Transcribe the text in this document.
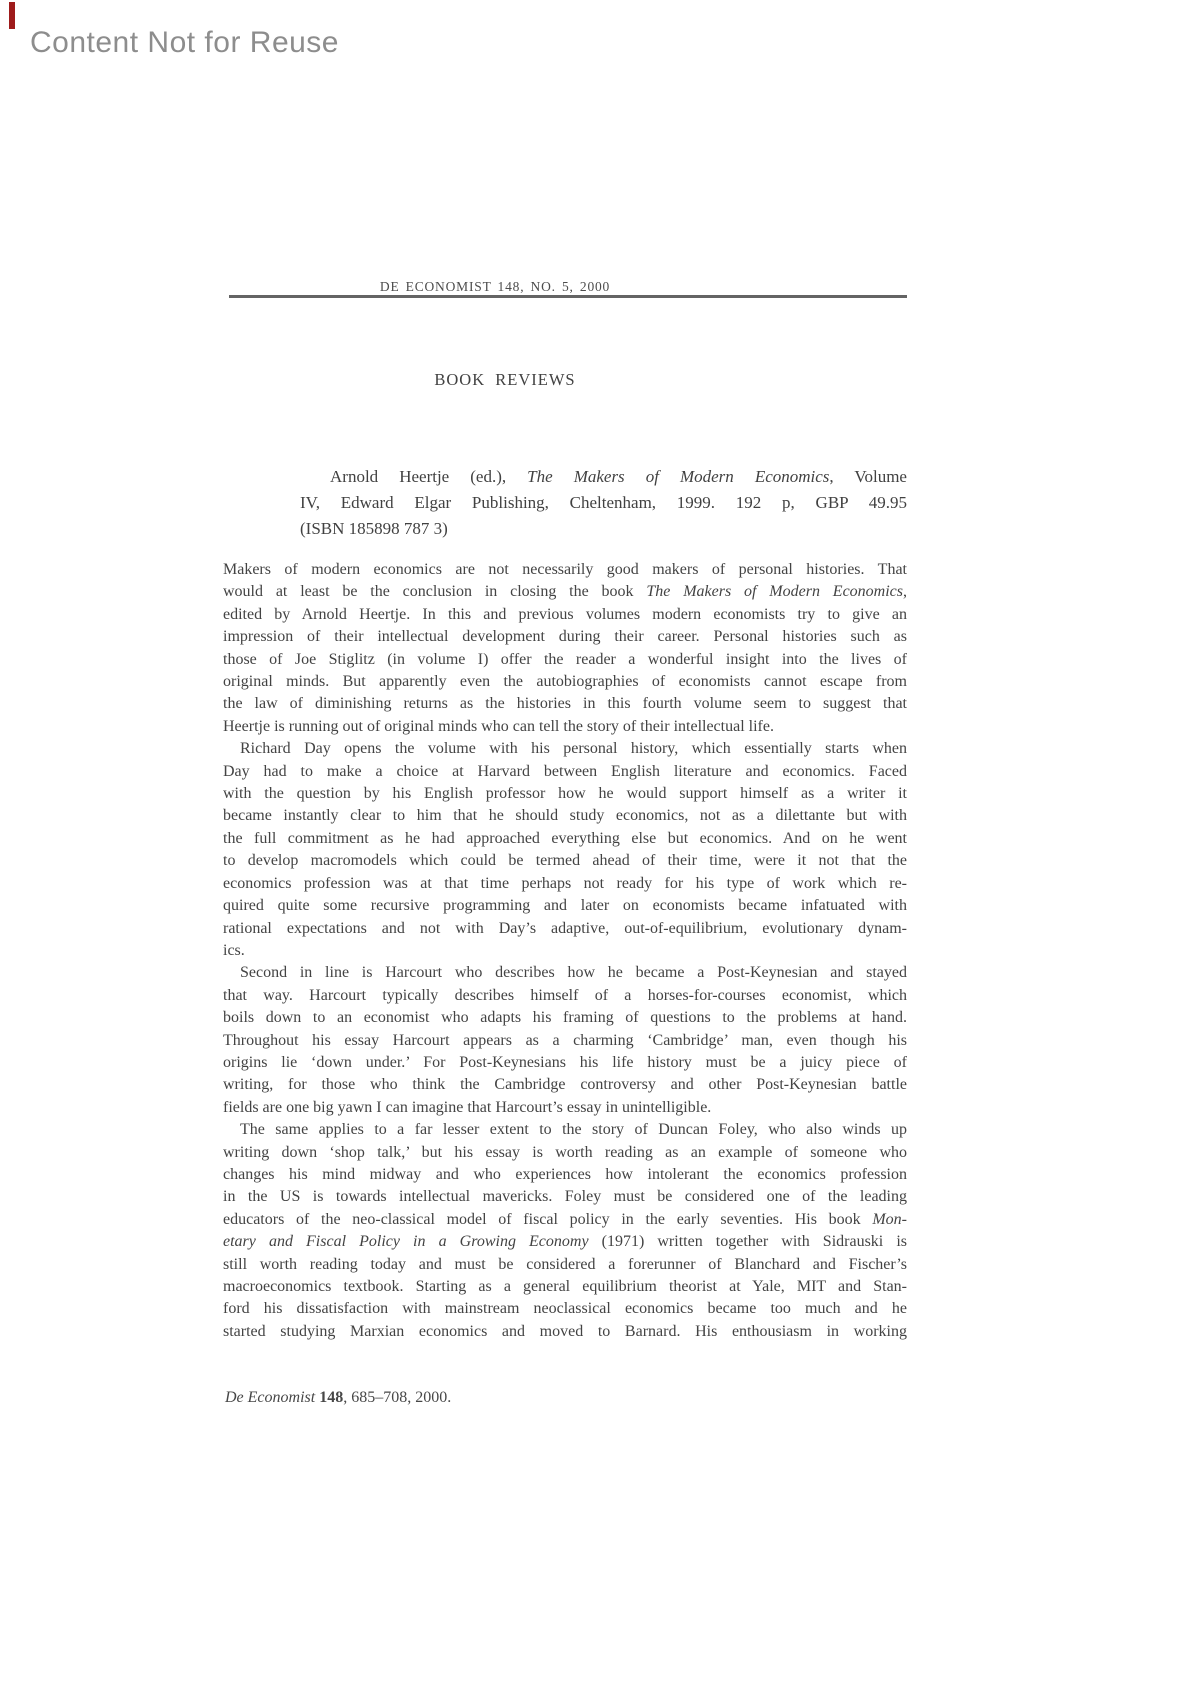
Content Not for Reuse
DE ECONOMIST 148, NO. 5, 2000
BOOK REVIEWS
Arnold Heertje (ed.), The Makers of Modern Economics, Volume
IV, Edward Elgar Publishing, Cheltenham, 1999. 192 p, GBP 49.95
(ISBN 185898 787 3)
Makers of modern economics are not necessarily good makers of personal histories. That
would at least be the conclusion in closing the book The Makers of Modern Economics,
edited by Arnold Heertje. In this and previous volumes modern economists try to give an
impression of their intellectual development during their career. Personal histories such as
those of Joe Stiglitz (in volume I) offer the reader a wonderful insight into the lives of
original minds. But apparently even the autobiographies of economists cannot escape from
the law of diminishing returns as the histories in this fourth volume seem to suggest that
Heertje is running out of original minds who can tell the story of their intellectual life.
Richard Day opens the volume with his personal history, which essentially starts when
Day had to make a choice at Harvard between English literature and economics. Faced
with the question by his English professor how he would support himself as a writer it
became instantly clear to him that he should study economics, not as a dilettante but with
the full commitment as he had approached everything else but economics. And on he went
to develop macromodels which could be termed ahead of their time, were it not that the
economics profession was at that time perhaps not ready for his type of work which re-
quired quite some recursive programming and later on economists became infatuated with
rational expectations and not with Day’s adaptive, out-of-equilibrium, evolutionary dynam-
ics.
Second in line is Harcourt who describes how he became a Post-Keynesian and stayed
that way. Harcourt typically describes himself of a horses-for-courses economist, which
boils down to an economist who adapts his framing of questions to the problems at hand.
Throughout his essay Harcourt appears as a charming ‘Cambridge’ man, even though his
origins lie ‘down under.’ For Post-Keynesians his life history must be a juicy piece of
writing, for those who think the Cambridge controversy and other Post-Keynesian battle
fields are one big yawn I can imagine that Harcourt’s essay in unintelligible.
The same applies to a far lesser extent to the story of Duncan Foley, who also winds up
writing down ‘shop talk,’ but his essay is worth reading as an example of someone who
changes his mind midway and who experiences how intolerant the economics profession
in the US is towards intellectual mavericks. Foley must be considered one of the leading
educators of the neo-classical model of fiscal policy in the early seventies. His book Mon-
etary and Fiscal Policy in a Growing Economy (1971) written together with Sidrauski is
still worth reading today and must be considered a forerunner of Blanchard and Fischer’s
macroeconomics textbook. Starting as a general equilibrium theorist at Yale, MIT and Stan-
ford his dissatisfaction with mainstream neoclassical economics became too much and he
started studying Marxian economics and moved to Barnard. His enthousiasm in working
De Economist 148, 685–708, 2000.
